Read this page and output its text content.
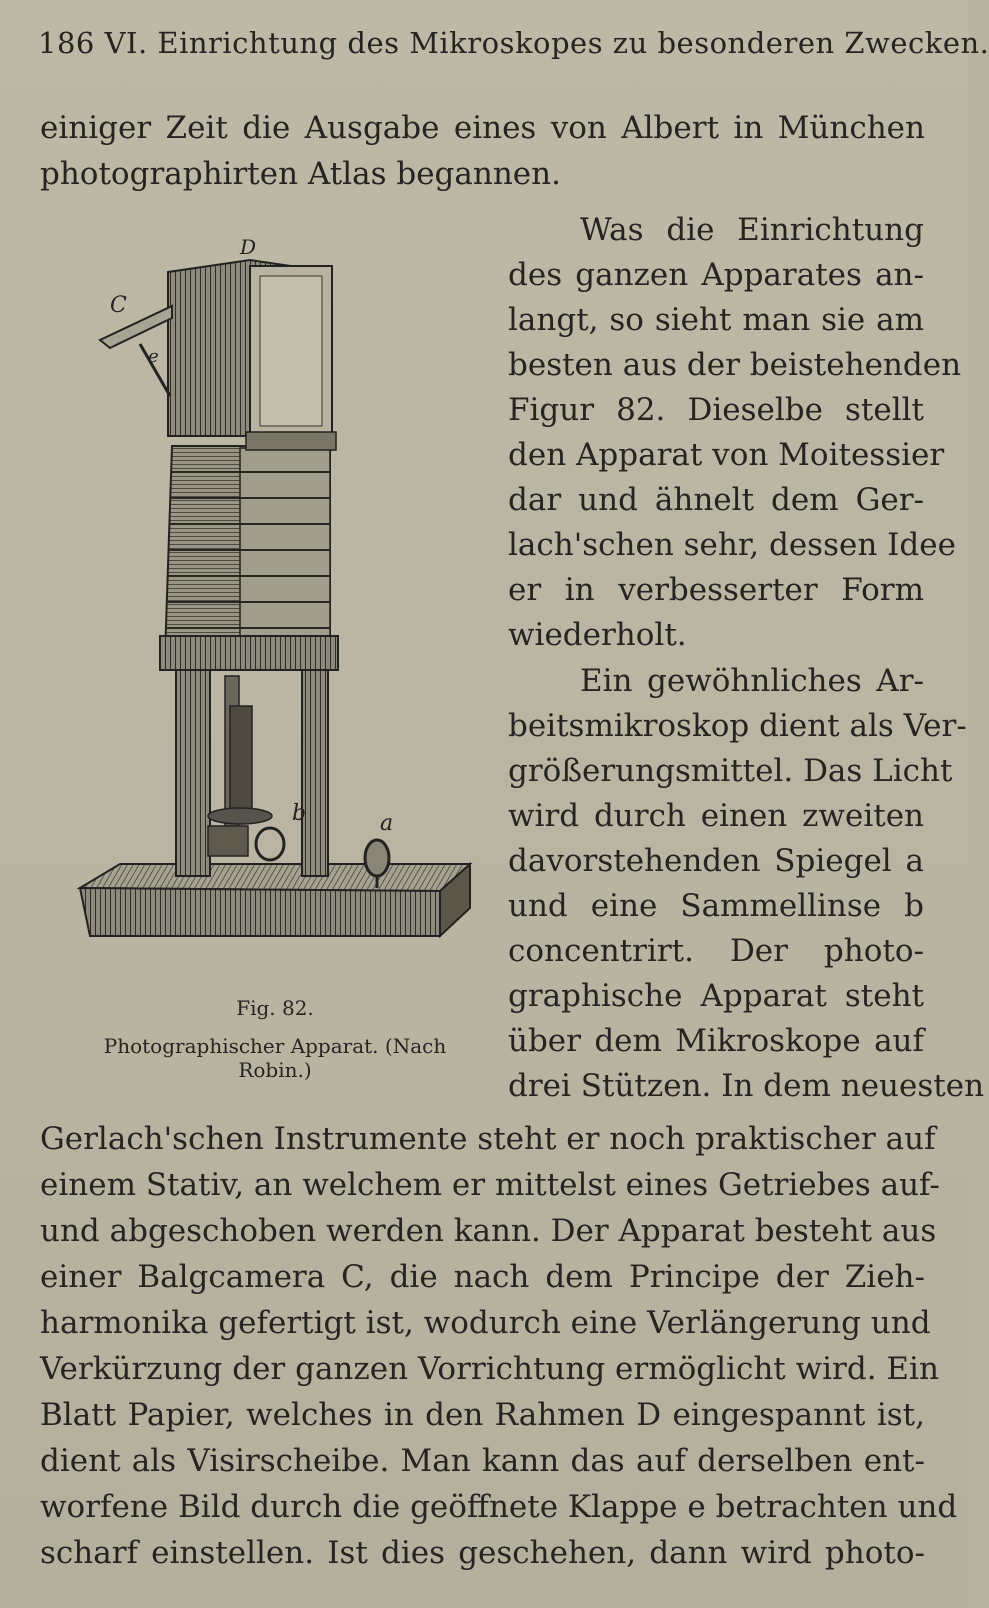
186 VI. Einrichtung des Mikroskopes zu besonderen Zwecken.
einiger Zeit die Ausgabe eines von Albert in München
photographirten Atlas begannen.
Was die Einrichtung
des ganzen Apparates an-
langt, so sieht man sie am
besten aus der beistehenden
Figur 82. Dieselbe stellt
den Apparat von Moitessier
dar und ähnelt dem Ger-
lach'schen sehr, dessen Idee
er in verbesserter Form
wiederholt.
Ein gewöhnliches Ar-
beitsmikroskop dient als Ver-
größerungsmittel. Das Licht
wird durch einen zweiten
davorstehenden Spiegel a
und eine Sammellinse b
concentrirt. Der photo-
graphische Apparat steht
über dem Mikroskope auf
drei Stützen. In dem neuesten
Gerlach'schen Instrumente steht er noch praktischer auf
einem Stativ, an welchem er mittelst eines Getriebes auf-
und abgeschoben werden kann. Der Apparat besteht aus
einer Balgcamera C, die nach dem Principe der Zieh-
harmonika gefertigt ist, wodurch eine Verlängerung und
Verkürzung der ganzen Vorrichtung ermöglicht wird. Ein
Blatt Papier, welches in den Rahmen D eingespannt ist,
dient als Visirscheibe. Man kann das auf derselben ent-
worfene Bild durch die geöffnete Klappe e betrachten und
scharf einstellen. Ist dies geschehen, dann wird photo-
D
C
e
b	a
Fig. 82.
Photographischer Apparat. (Nach
Robin.)
